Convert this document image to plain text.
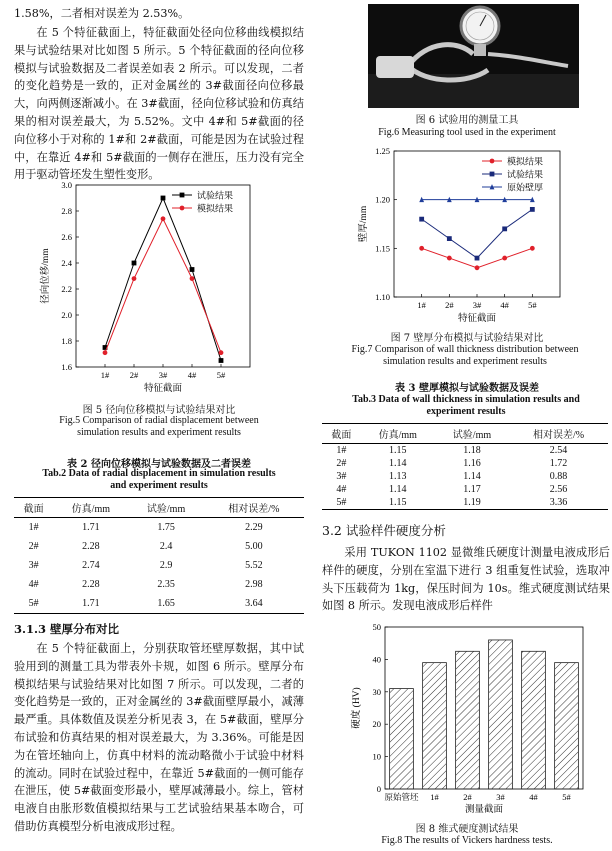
1.58%，二者相对误差为 2.53%。
在 5 个特征截面上，特征截面处径向位移曲线模拟结果与试验结果对比如图 5 所示。5 个特征截面的径向位移模拟与试验数据及二者误差如表 2 所示。可以发现，二者的变化趋势是一致的，正对金属丝的 3#截面径向位移最大，向两侧逐渐减小。在 3#截面，径向位移试验和仿真结果的相对误差最大，为 5.52%。文中 4#和 5#截面的径向位移小于对称的 1#和 2#截面，可能是因为在试验过程中，在靠近 4#和 5#截面的一侧存在泄压，压力没有完全用于驱动管坯发生塑性变形。
1.6
1.8
2.0
2.2
2.4
2.6
2.8
3.0
1# 2# 3# 4# 5#
特征截面
径向位移/mm
试验结果
模拟结果
图 5 径向位移模拟与试验结果对比
Fig.5 Comparison of radial displacement between simulation results and experiment results
表 2 径向位移模拟与试验数据及二者误差
Tab.2 Data of radial displacement in simulation results and experiment results
截面	仿真/mm	试验/mm	相对误差/%
1#	1.71	1.75	2.29
2#	2.28	2.4	5.00
3#	2.74	2.9	5.52
4#	2.28	2.35	2.98
5#	1.71	1.65	3.64
3.1.3 壁厚分布对比
在 5 个特征截面上，分别获取管坯壁厚数据，其中试验用到的测量工具为带表外卡规，如图 6 所示。壁厚分布模拟结果与试验结果对比如图 7 所示。可以发现，二者的变化趋势是一致的，正对金属丝的 3#截面壁厚最小，减薄最严重。具体数值及误差分析见表 3，在 5#截面，壁厚分布试验和仿真结果的相对误差最大，为 3.36%。可能是因为在管坯轴向上，仿真中材料的流动略微小于试验中材料的流动。同时在试验过程中，在靠近 5#截面的一侧可能存在泄压，使 5#截面变形最小，壁厚减薄最小。综上，管材电液自由胀形数值模拟结果与工艺试验结果基本吻合，可借助仿真模型分析电液成形过程。
图 6 试验用的测量工具
Fig.6 Measuring tool used in the experiment
1.10
1.15
1.20
1.25
1# 2# 3# 4# 5#
特征截面
壁厚/mm
模拟结果
试验结果
原始壁厚
图 7 壁厚分布模拟与试验结果对比
Fig.7 Comparison of wall thickness distribution between simulation results and experiment results
表 3 壁厚模拟与试验数据及误差
Tab.3 Data of wall thickness in simulation results and experiment results
截面	仿真/mm	试验/mm	相对误差/%
1#	1.15	1.18	2.54
2#	1.14	1.16	1.72
3#	1.13	1.14	0.88
4#	1.14	1.17	2.56
5#	1.15	1.19	3.36
3.2 试验样件硬度分析
采用 TUKON 1102 显微维氏硬度计测量电液成形后样件的硬度，分别在室温下进行 3 组重复性试验，选取冲头下压载荷为 1kg，保压时间为 10s。维式硬度测试结果如图 8 所示。发现电液成形后样件
0
10
20
30
40
50
原始管坯 1#	2#	3#	4#	5#
测量截面
硬度 (HV)
图 8 维式硬度测试结果
Fig.8 The results of Vickers hardness tests.
